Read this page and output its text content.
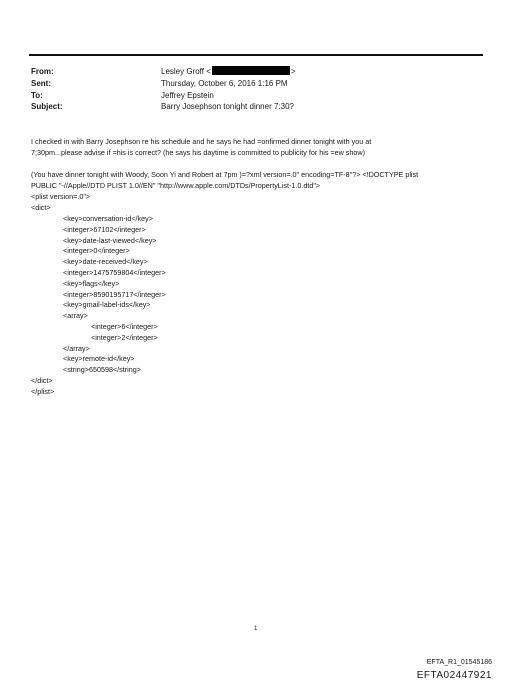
From:	Lesley Groff <	>
Sent:	Thursday, October 6, 2016 1:16 PM
To:	Jeffrey Epstein
Subject:	Barry Josephson tonight dinner 7:30?
I checked in with Barry Josephson re his schedule and he says he had =onfirmed dinner tonight with you at
7;30pm...please advise if =his is correct? (he says his daytime is committed to publicity for his =ew show)
(You have dinner tonight with Woody, Soon Yi and Robert at 7pm )=?xml version=.0" encoding=TF-8"?> <!DOCTYPE plist
PUBLIC "-//Apple//DTD PLIST 1.0//EN" "http://www.apple.com/DTDs/PropertyList-1.0.dtd">
<plist version=.0">
<dict>
<key>conversation-id</key>
<integer>67102</integer>
<key>date-last-viewed</key>
<integer>0</integer>
<key>date-received</key>
<integer>1475759804</integer>
<key>flags</key>
<integer>8590195717</integer>
<key>gmail-label-ids</key>
<array>
<integer>6</integer>
<integer>2</integer>
</array>
<key>remote-id</key>
<string>650598</string>
</dict>
</plist>
1
EFTA_R1_01545186
EFTA02447921
